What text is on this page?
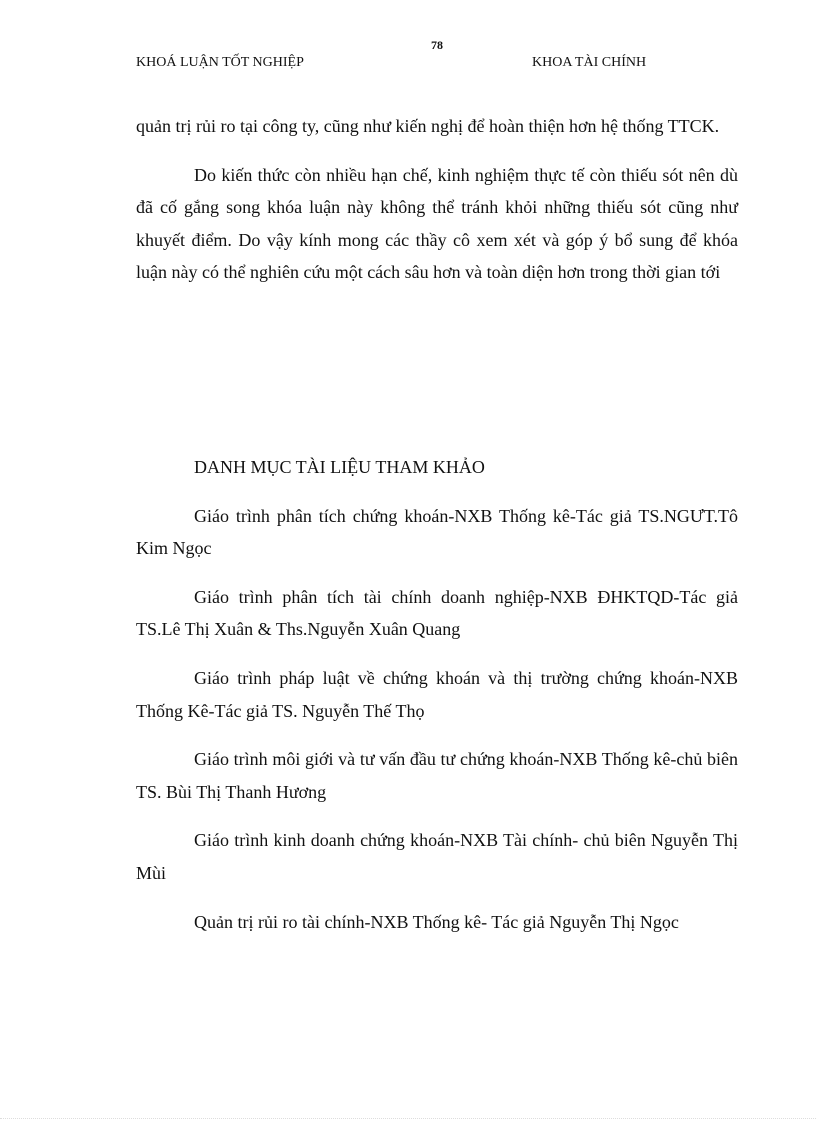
78
KHOÁ LUẬN TỐT NGHIỆP	KHOA TÀI CHÍNH

quản trị rủi ro tại công ty, cũng như kiến nghị để hoàn thiện hơn hệ thống TTCK.

Do kiến thức còn nhiều hạn chế, kinh nghiệm thực tế còn thiếu sót nên dù đã cố gắng song khóa luận này không thể tránh khỏi những thiếu sót cũng như khuyết điểm. Do vậy kính mong các thầy cô xem xét và góp ý bổ sung để khóa luận này có thể nghiên cứu một cách sâu hơn và toàn diện hơn trong thời gian tới

DANH MỤC TÀI LIỆU THAM KHẢO

Giáo trình phân tích chứng khoán-NXB Thống kê-Tác giả TS.NGƯT.Tô Kim Ngọc

Giáo trình phân tích tài chính doanh nghiệp-NXB ĐHKTQD-Tác giả TS.Lê Thị Xuân & Ths.Nguyễn Xuân Quang

Giáo trình pháp luật về chứng khoán và thị trường chứng khoán-NXB Thống Kê-Tác giả TS. Nguyễn Thế Thọ

Giáo trình môi giới và tư vấn đầu tư chứng khoán-NXB Thống kê-chủ biên TS. Bùi Thị Thanh Hương

Giáo trình kinh doanh chứng khoán-NXB Tài chính- chủ biên Nguyễn Thị Mùi

Quản trị rủi ro tài chính-NXB Thống kê- Tác giả Nguyễn Thị Ngọc
